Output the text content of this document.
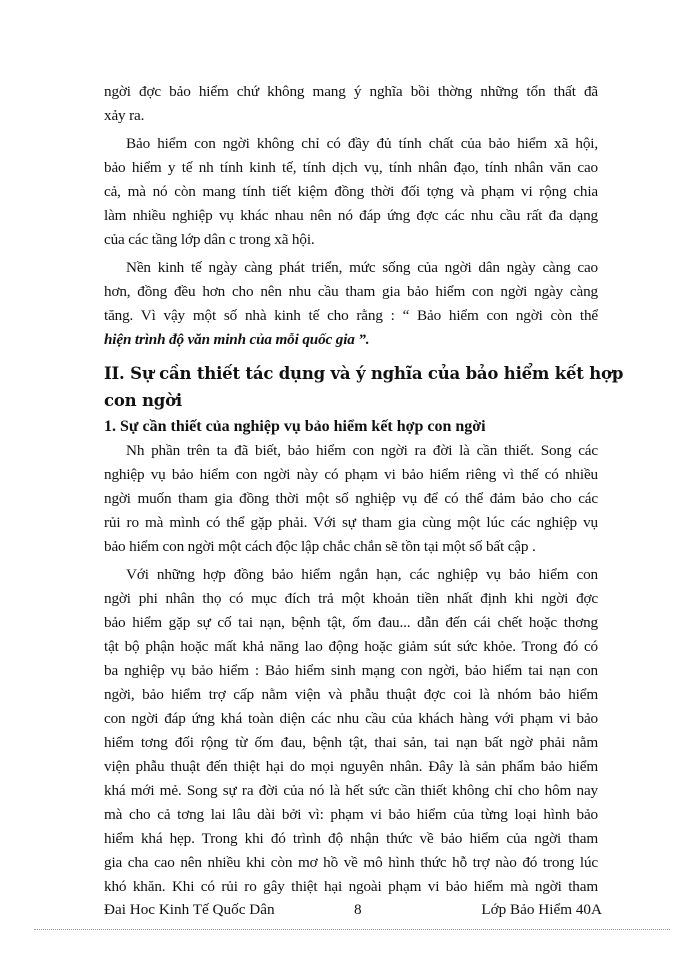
ngời đợc bảo hiểm chứ không mang ý nghĩa bồi thờng những tổn thất đã
xảy ra.
Bảo hiểm con ngời không chỉ có đầy đủ tính chất của bảo hiểm xã hội,
bảo hiểm y tế nh tính kinh tế, tính dịch vụ, tính nhân đạo, tính nhân văn cao
cả, mà nó còn mang tính tiết kiệm đồng thời đối tợng và phạm vi rộng chia
làm nhiều nghiệp vụ khác nhau nên nó đáp ứng đợc các nhu cầu rất đa dạng
của các tầng lớp dân c trong xã hội.
Nền kinh tế ngày càng phát triển, mức sống của ngời dân ngày càng cao
hơn, đồng đều hơn cho nên nhu cầu tham gia bảo hiểm con ngời ngày càng
tăng. Vì vậy một số nhà kinh tế cho rằng : “ Bảo hiểm con ngời còn thể
hiện trình độ văn minh của mỗi quốc gia ”.
II. Sự cần thiết tác dụng và ý nghĩa của bảo hiểm kết hợp
con ngời
1. Sự cần thiết của nghiệp vụ bảo hiểm kết hợp con ngời
Nh phần trên ta đã biết, bảo hiểm con ngời ra đời là cần thiết. Song các
nghiệp vụ bảo hiểm con ngời này có phạm vi bảo hiểm riêng vì thế có nhiều
ngời muốn tham gia đồng thời một số nghiệp vụ để có thể đảm bảo cho các
rủi ro mà mình có thể gặp phải. Với sự tham gia cùng một lúc các nghiệp vụ
bảo hiểm con ngời một cách độc lập chắc chắn sẽ tồn tại một số bất cập .
Với những hợp đồng bảo hiểm ngắn hạn, các nghiệp vụ bảo hiểm con
ngời phi nhân thọ có mục đích trả một khoản tiền nhất định khi ngời đợc
bảo hiểm gặp sự cố tai nạn, bệnh tật, ốm đau... dẫn đến cái chết hoặc thơng
tật bộ phận hoặc mất khả năng lao động hoặc giảm sút sức khỏe. Trong đó có
ba nghiệp vụ bảo hiểm : Bảo hiểm sinh mạng con ngời, bảo hiểm tai nạn con
ngời, bảo hiểm trợ cấp nằm viện và phẫu thuật đợc coi là nhóm bảo hiểm
con ngời đáp ứng khá toàn diện các nhu cầu của khách hàng với phạm vi bảo
hiểm tơng đối rộng từ ốm đau, bệnh tật, thai sản, tai nạn bất ngờ phải nằm
viện phẫu thuật đến thiệt hại do mọi nguyên nhân. Đây là sản phẩm bảo hiểm
khá mới mẻ. Song sự ra đời của nó là hết sức cần thiết không chỉ cho hôm nay
mà cho cả tơng lai lâu dài bởi vì: phạm vi bảo hiểm của từng loại hình bảo
hiểm khá hẹp. Trong khi đó trình độ nhận thức về bảo hiểm của ngời tham
gia cha cao nên nhiều khi còn mơ hồ về mô hình thức hỗ trợ nào đó trong lúc
khó khăn. Khi có rủi ro gây thiệt hại ngoài phạm vi bảo hiểm mà ngời tham
Đai Hoc Kinh Tế Quốc Dân	8	Lớp Bảo Hiểm 40A
